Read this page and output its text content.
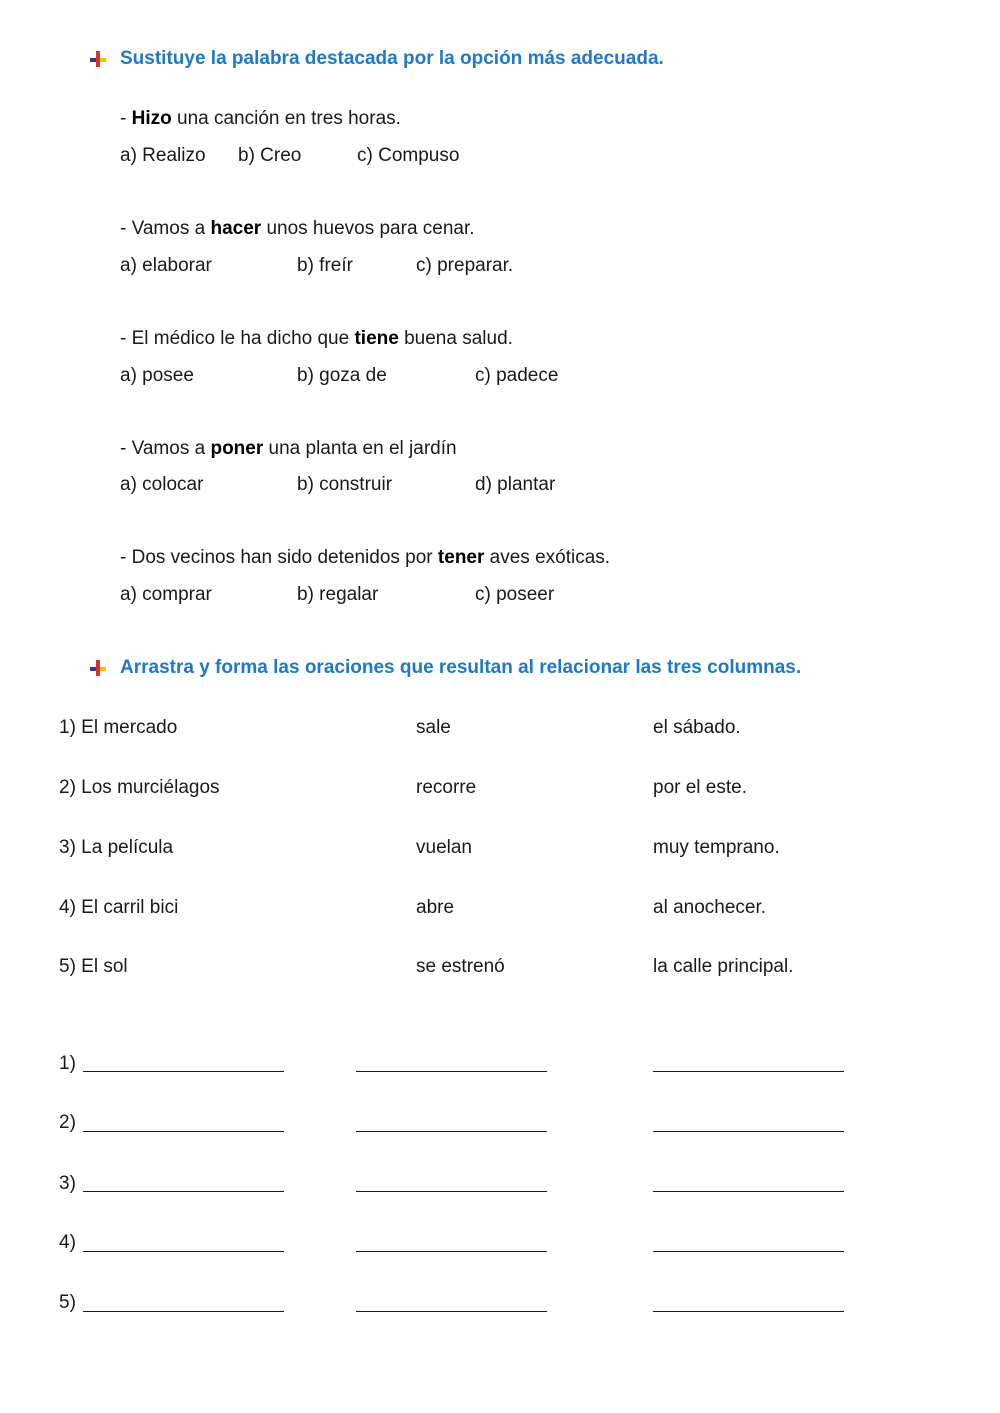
Sustituye la palabra destacada por la opción más adecuada.
- Hizo una canción en tres horas.
a) Realizo b) Creo	c) Compuso
- Vamos a hacer unos huevos para cenar.
a) elaborar	b) freír	c) preparar.
- El médico le ha dicho que tiene buena salud.
a) posee	b) goza de	c) padece
- Vamos a poner una planta en el jardín
a) colocar	b) construir	d) plantar
- Dos vecinos han sido detenidos por tener aves exóticas.
a) comprar	b) regalar	c) poseer
Arrastra y forma las oraciones que resultan al relacionar las tres columnas.
1) El mercado	sale	el sábado.
2) Los murciélagos	recorre	por el este.
3) La película	vuelan	muy temprano.
4) El carril bici	abre	al anochecer.
5) El sol	se estrenó	la calle principal.
1)
2)
3)
4)
5)
